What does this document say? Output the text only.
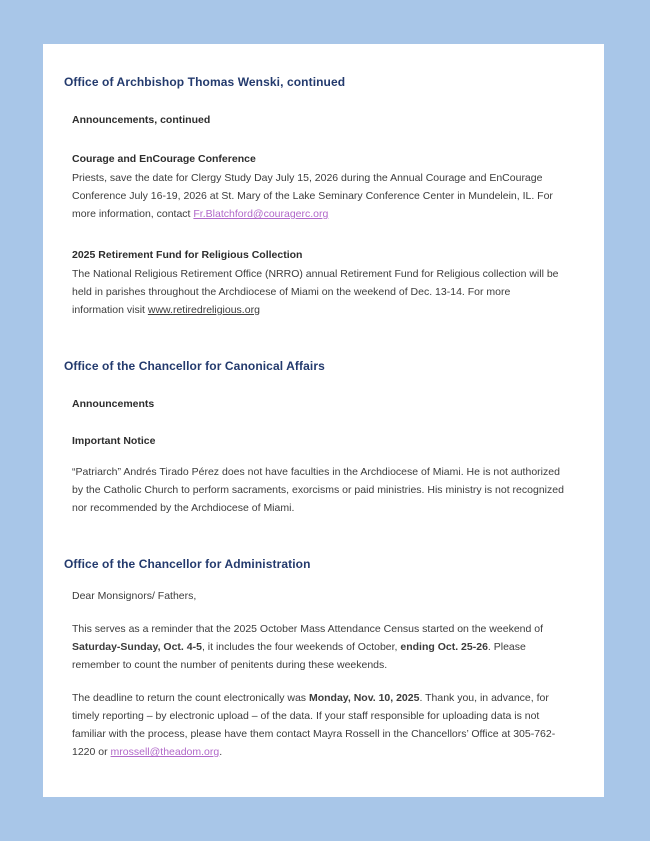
Office of Archbishop Thomas Wenski, continued
Announcements, continued
Courage and EnCourage Conference
Priests, save the date for Clergy Study Day July 15, 2026 during the Annual Courage and EnCourage Conference July 16-19, 2026 at St. Mary of the Lake Seminary Conference Center in Mundelein, IL. For more information, contact Fr.Blatchford@couragerc.org
2025 Retirement Fund for Religious Collection
The National Religious Retirement Office (NRRO) annual Retirement Fund for Religious collection will be held in parishes throughout the Archdiocese of Miami on the weekend of Dec. 13-14. For more information visit www.retiredreligious.org
Office of the Chancellor for Canonical Affairs
Announcements
Important Notice
“Patriarch” Andrés Tirado Pérez does not have faculties in the Archdiocese of Miami. He is not authorized by the Catholic Church to perform sacraments, exorcisms or paid ministries. His ministry is not recognized nor recommended by the Archdiocese of Miami.
Office of the Chancellor for Administration
Dear Monsignors/ Fathers,
This serves as a reminder that the 2025 October Mass Attendance Census started on the weekend of Saturday-Sunday, Oct. 4-5, it includes the four weekends of October, ending Oct. 25-26. Please remember to count the number of penitents during these weekends.
The deadline to return the count electronically was Monday, Nov. 10, 2025. Thank you, in advance, for timely reporting – by electronic upload – of the data. If your staff responsible for uploading data is not familiar with the process, please have them contact Mayra Rossell in the Chancellors’ Office at 305-762-1220 or mrossell@theadom.org.
